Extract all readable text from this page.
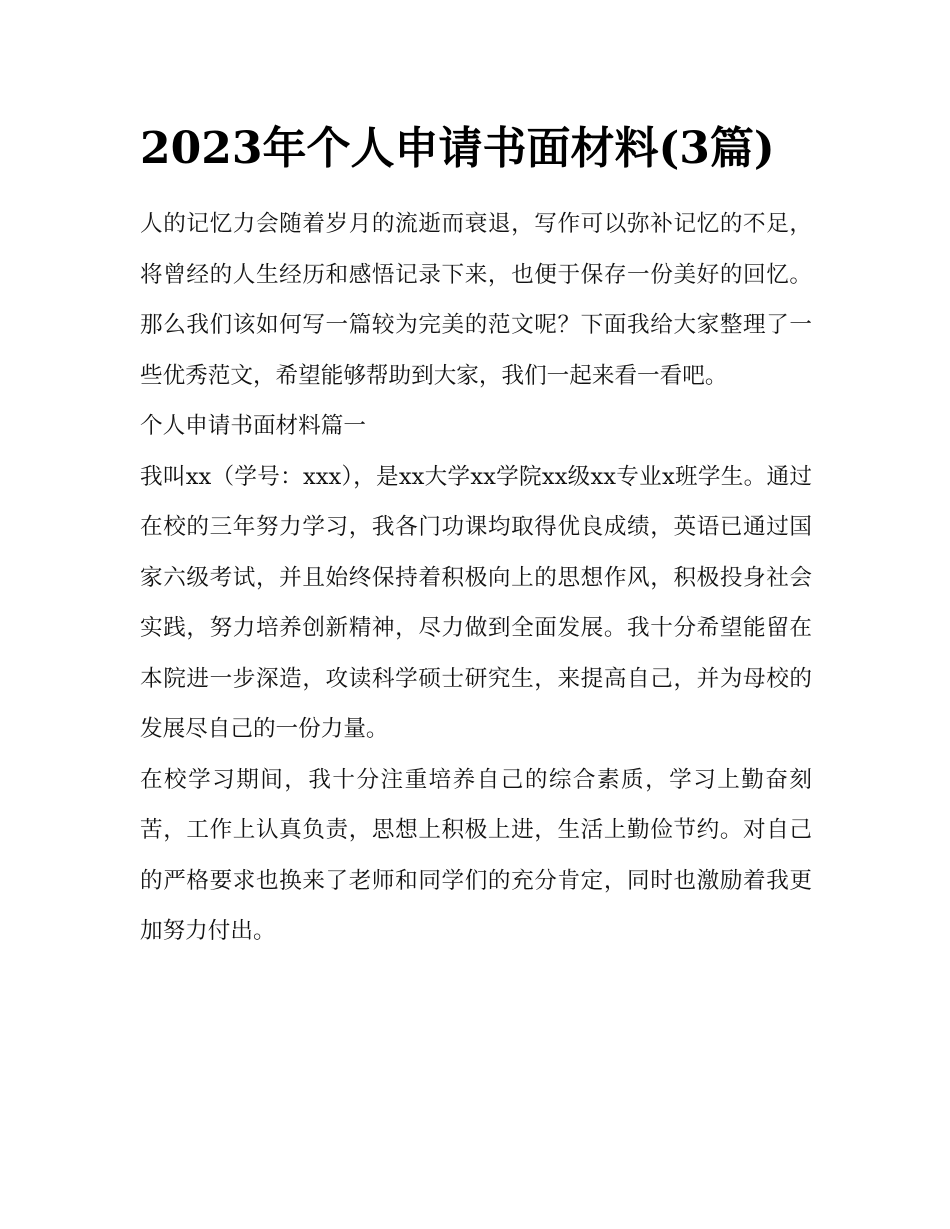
2023年个人申请书面材料(3篇)

人的记忆力会随着岁月的流逝而衰退，写作可以弥补记忆的不足，将曾经的人生经历和感悟记录下来，也便于保存一份美好的回忆。那么我们该如何写一篇较为完美的范文呢？下面我给大家整理了一些优秀范文，希望能够帮助到大家，我们一起来看一看吧。

个人申请书面材料篇一

我叫xx（学号：xxx），是xx大学xx学院xx级xx专业x班学生。通过在校的三年努力学习，我各门功课均取得优良成绩，英语已通过国家六级考试，并且始终保持着积极向上的思想作风，积极投身社会实践，努力培养创新精神，尽力做到全面发展。我十分希望能留在本院进一步深造，攻读科学硕士研究生，来提高自己，并为母校的发展尽自己的一份力量。

在校学习期间，我十分注重培养自己的综合素质，学习上勤奋刻苦，工作上认真负责，思想上积极上进，生活上勤俭节约。对自己的严格要求也换来了老师和同学们的充分肯定，同时也激励着我更加努力付出。
